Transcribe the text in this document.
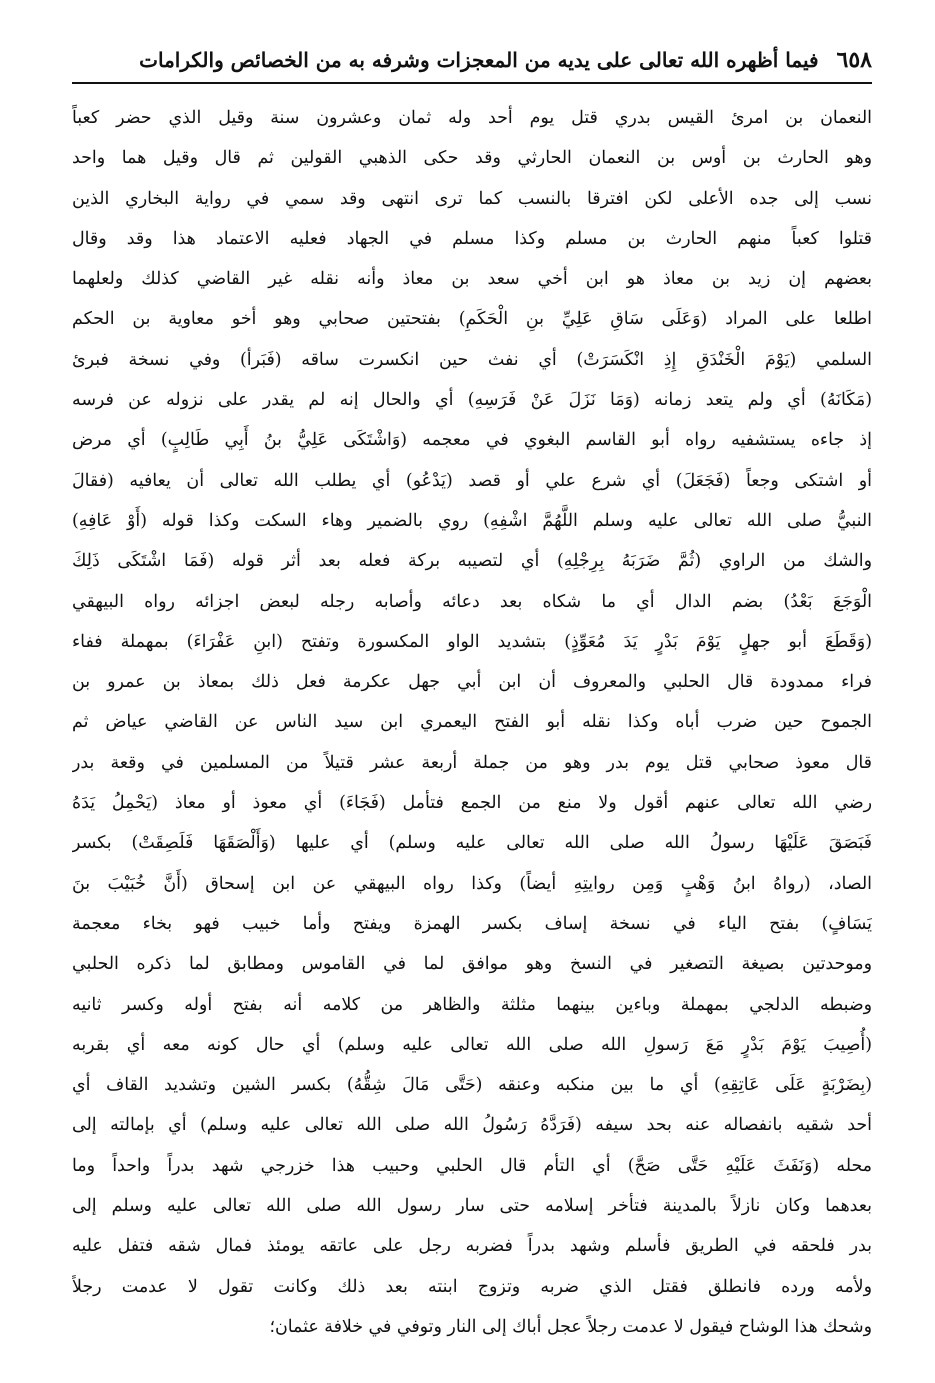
٦٥٨
فيما أظهره الله تعالى على يديه من المعجزات وشرفه به من الخصائص والكرامات
النعمان بن امرئ القيس بدري قتل يوم أحد وله ثمان وعشرون سنة وقيل الذي حضر كعباً
وهو الحارث بن أوس بن النعمان الحارثي وقد حكى الذهبي القولين ثم قال وقيل هما واحد
نسب إلى جده الأعلى لكن افترقا بالنسب كما ترى انتهى وقد سمي في رواية البخاري الذين
قتلوا كعباً منهم الحارث بن مسلم وكذا مسلم في الجهاد فعليه الاعتماد هذا وقد وقال
بعضهم إن زيد بن معاذ هو ابن أخي سعد بن معاذ وأنه نقله غير القاضي كذلك ولعلهما
اطلعا على المراد (وَعَلَى سَاقِ عَلِيِّ بنِ الْحَكَمِ) بفتحتين صحابي وهو أخو معاوية بن الحكم
السلمي (يَوْمَ الْخَنْدَقِ إِذِ انْكَسَرَتْ) أي نفث حين انكسرت ساقه (فَبَرأ) وفي نسخة فبرئ
(مَكَانَهُ) أي ولم يتعد زمانه (وَمَا نَزَلَ عَنْ فَرَسِهِ) أي والحال إنه لم يقدر على نزوله عن فرسه
إذ جاءه يستشفيه رواه أبو القاسم البغوي في معجمه (وَاشْتَكَى عَلِيُّ بنُ أَبِي طَالِبٍ) أي مرض
أو اشتكى وجعاً (فَجَعَلَ) أي شرع علي أو قصد (يَدْعُو) أي يطلب الله تعالى أن يعافيه (فقالَ
النبيُّ صلى الله تعالى عليه وسلم اللَّهُمَّ اشْفِهِ) روي بالضمير وهاء السكت وكذا قوله (أَوْ عَافِهِ)
والشك من الراوي (ثُمَّ ضَرَبَهُ بِرِجْلِهِ) أي لتصيبه بركة فعله بعد أثر قوله (فَمَا اشْتَكَى ذَلِكَ
الْوَجَعَ بَعْدُ) بضم الدال أي ما شكاه بعد دعائه وأصابه رجله لبعض اجزائه رواه البيهقي
(وَقَطَعَ أبو جهلٍ يَوْمَ بَدْرٍ يَدَ مُعَوِّذٍ) بتشديد الواو المكسورة وتفتح (ابنِ عَفْرَاءَ) بمهملة ففاء
فراء ممدودة قال الحلبي والمعروف أن ابن أبي جهل عكرمة فعل ذلك بمعاذ بن عمرو بن
الجموح حين ضرب أباه وكذا نقله أبو الفتح اليعمري ابن سيد الناس عن القاضي عياض ثم
قال معوذ صحابي قتل يوم بدر وهو من جملة أربعة عشر قتيلاً من المسلمين في وقعة بدر
رضي الله تعالى عنهم أقول ولا منع من الجمع فتأمل (فَجَاءَ) أي معوذ أو معاذ (يَحْمِلُ يَدَهُ
فَبَصَقَ عَلَيْهَا رسولُ الله صلى الله تعالى عليه وسلم) أي عليها (وَأَلْصَقَهَا فَلَصِقَتْ) بكسر
الصاد، (رواهُ ابنُ وَهْبٍ وَمِن روايتِهِ أيضاً) وكذا رواه البيهقي عن ابن إسحاق (أَنَّ خُبَيْبَ بنَ
يَسَافٍ) بفتح الياء في نسخة إساف بكسر الهمزة ويفتح وأما خبيب فهو بخاء معجمة
وموحدتين بصيغة التصغير في النسخ وهو موافق لما في القاموس ومطابق لما ذكره الحلبي
وضبطه الدلجي بمهملة وباءين بينهما مثلثة والظاهر من كلامه أنه بفتح أوله وكسر ثانيه
(أُصِيبَ يَوْمَ بَدْرٍ مَعَ رَسولِ الله صلى الله تعالى عليه وسلم) أي حال كونه معه أي بقربه
(بِضَرْبَةٍ عَلَى عَاتِقِهِ) أي ما بين منكبه وعنقه (حَتَّى مَالَ شِقُّهُ) بكسر الشين وتشديد القاف أي
أحد شقيه بانفصاله عنه بحد سيفه (فَرَدَّهُ رَسُولُ الله صلى الله تعالى عليه وسلم) أي بإمالته إلى
محله (وَنَفَثَ عَلَيْهِ حَتَّى صَحَّ) أي التأم قال الحلبي وحبيب هذا خزرجي شهد بدراً واحداً وما
بعدهما وكان نازلاً بالمدينة فتأخر إسلامه حتى سار رسول الله صلى الله تعالى عليه وسلم إلى
بدر فلحقه في الطريق فأسلم وشهد بدراً فضربه رجل على عاتقه يومئذ فمال شقه فتفل عليه
ولأمه ورده فانطلق فقتل الذي ضربه وتزوج ابنته بعد ذلك وكانت تقول لا عدمت رجلاً
وشحك هذا الوشاح فيقول لا عدمت رجلاً عجل أباك إلى النار وتوفي في خلافة عثمان؛
